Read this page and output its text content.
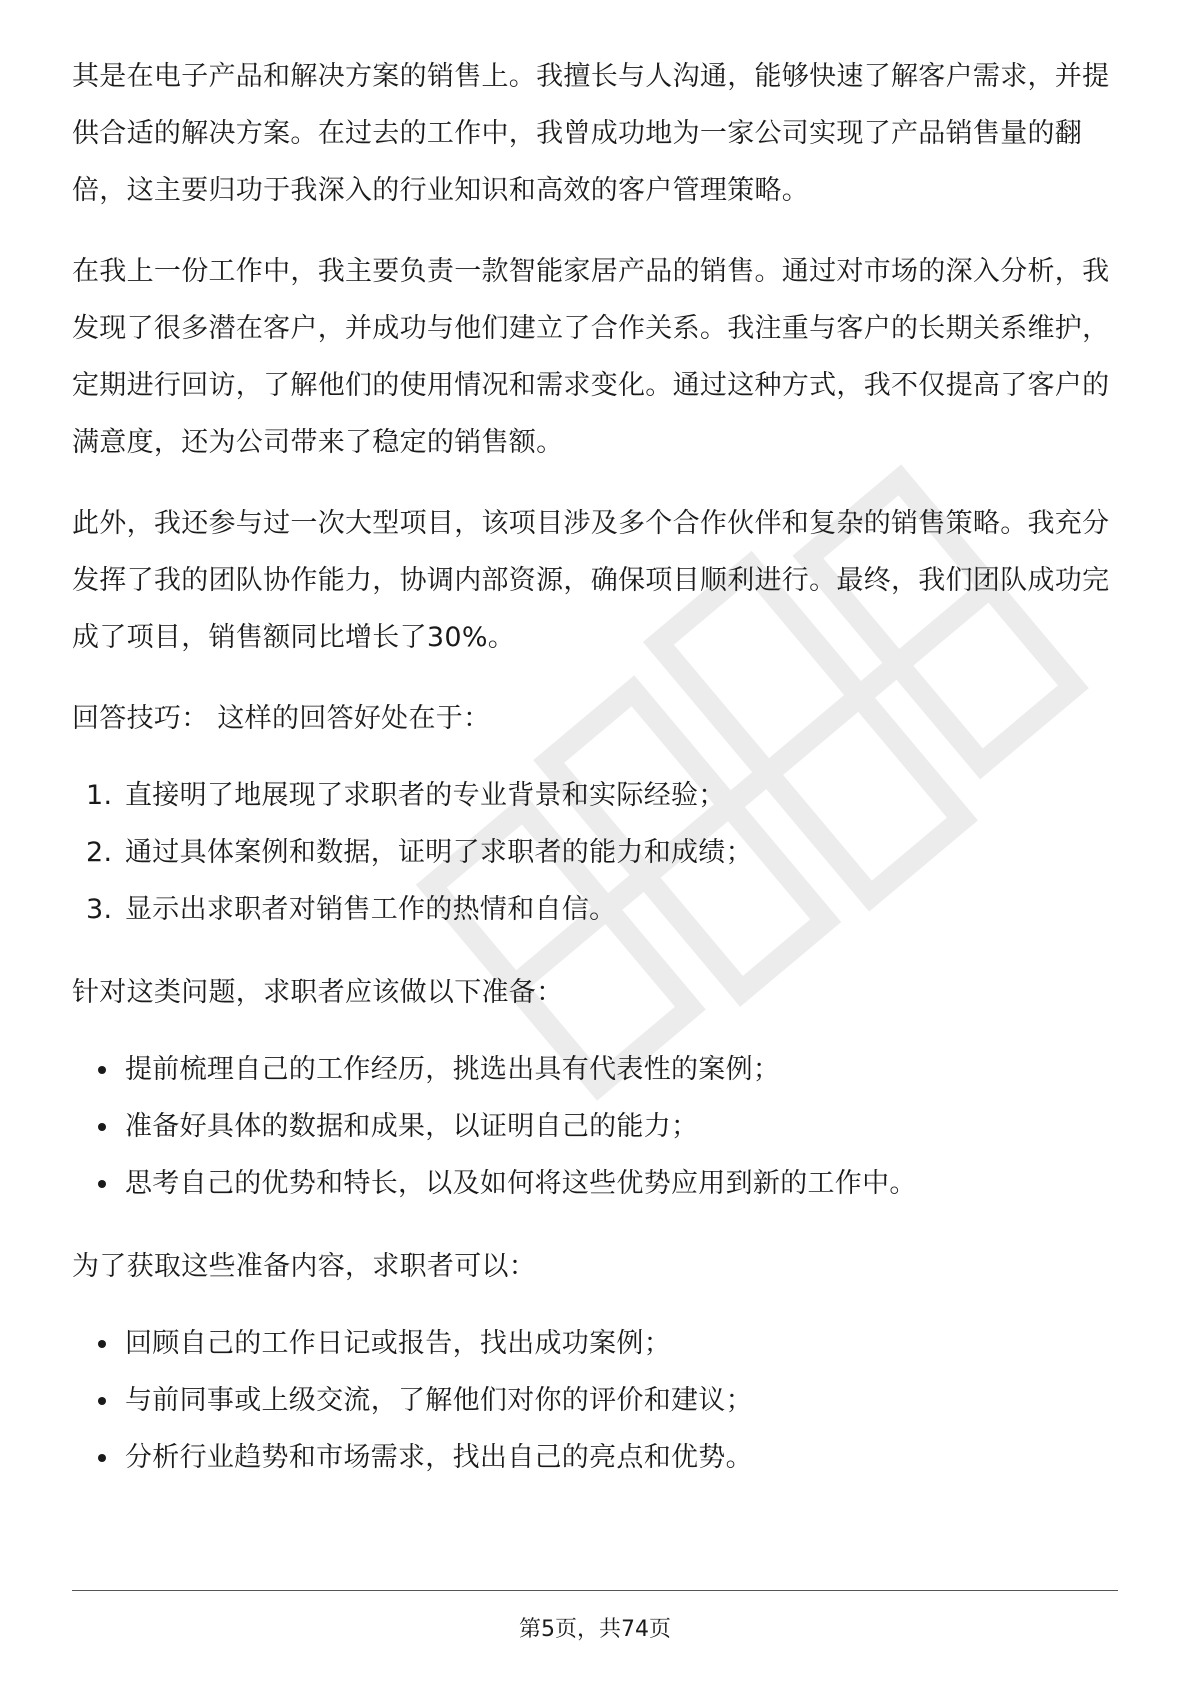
其是在电子产品和解决方案的销售上。我擅长与人沟通，能够快速了解客户需求，并提供合适的解决方案。在过去的工作中，我曾成功地为一家公司实现了产品销售量的翻倍，这主要归功于我深入的行业知识和高效的客户管理策略。

在我上一份工作中，我主要负责一款智能家居产品的销售。通过对市场的深入分析，我发现了很多潜在客户，并成功与他们建立了合作关系。我注重与客户的长期关系维护，定期进行回访，了解他们的使用情况和需求变化。通过这种方式，我不仅提高了客户的满意度，还为公司带来了稳定的销售额。

此外，我还参与过一次大型项目，该项目涉及多个合作伙伴和复杂的销售策略。我充分发挥了我的团队协作能力，协调内部资源，确保项目顺利进行。最终，我们团队成功完成了项目，销售额同比增长了30%。

回答技巧： 这样的回答好处在于：

1. 直接明了地展现了求职者的专业背景和实际经验；
2. 通过具体案例和数据，证明了求职者的能力和成绩；
3. 显示出求职者对销售工作的热情和自信。

针对这类问题，求职者应该做以下准备：

提前梳理自己的工作经历，挑选出具有代表性的案例；
准备好具体的数据和成果，以证明自己的能力；
思考自己的优势和特长，以及如何将这些优势应用到新的工作中。

为了获取这些准备内容，求职者可以：

回顾自己的工作日记或报告，找出成功案例；
与前同事或上级交流，了解他们对你的评价和建议；
分析行业趋势和市场需求，找出自己的亮点和优势。
第5页，共74页
